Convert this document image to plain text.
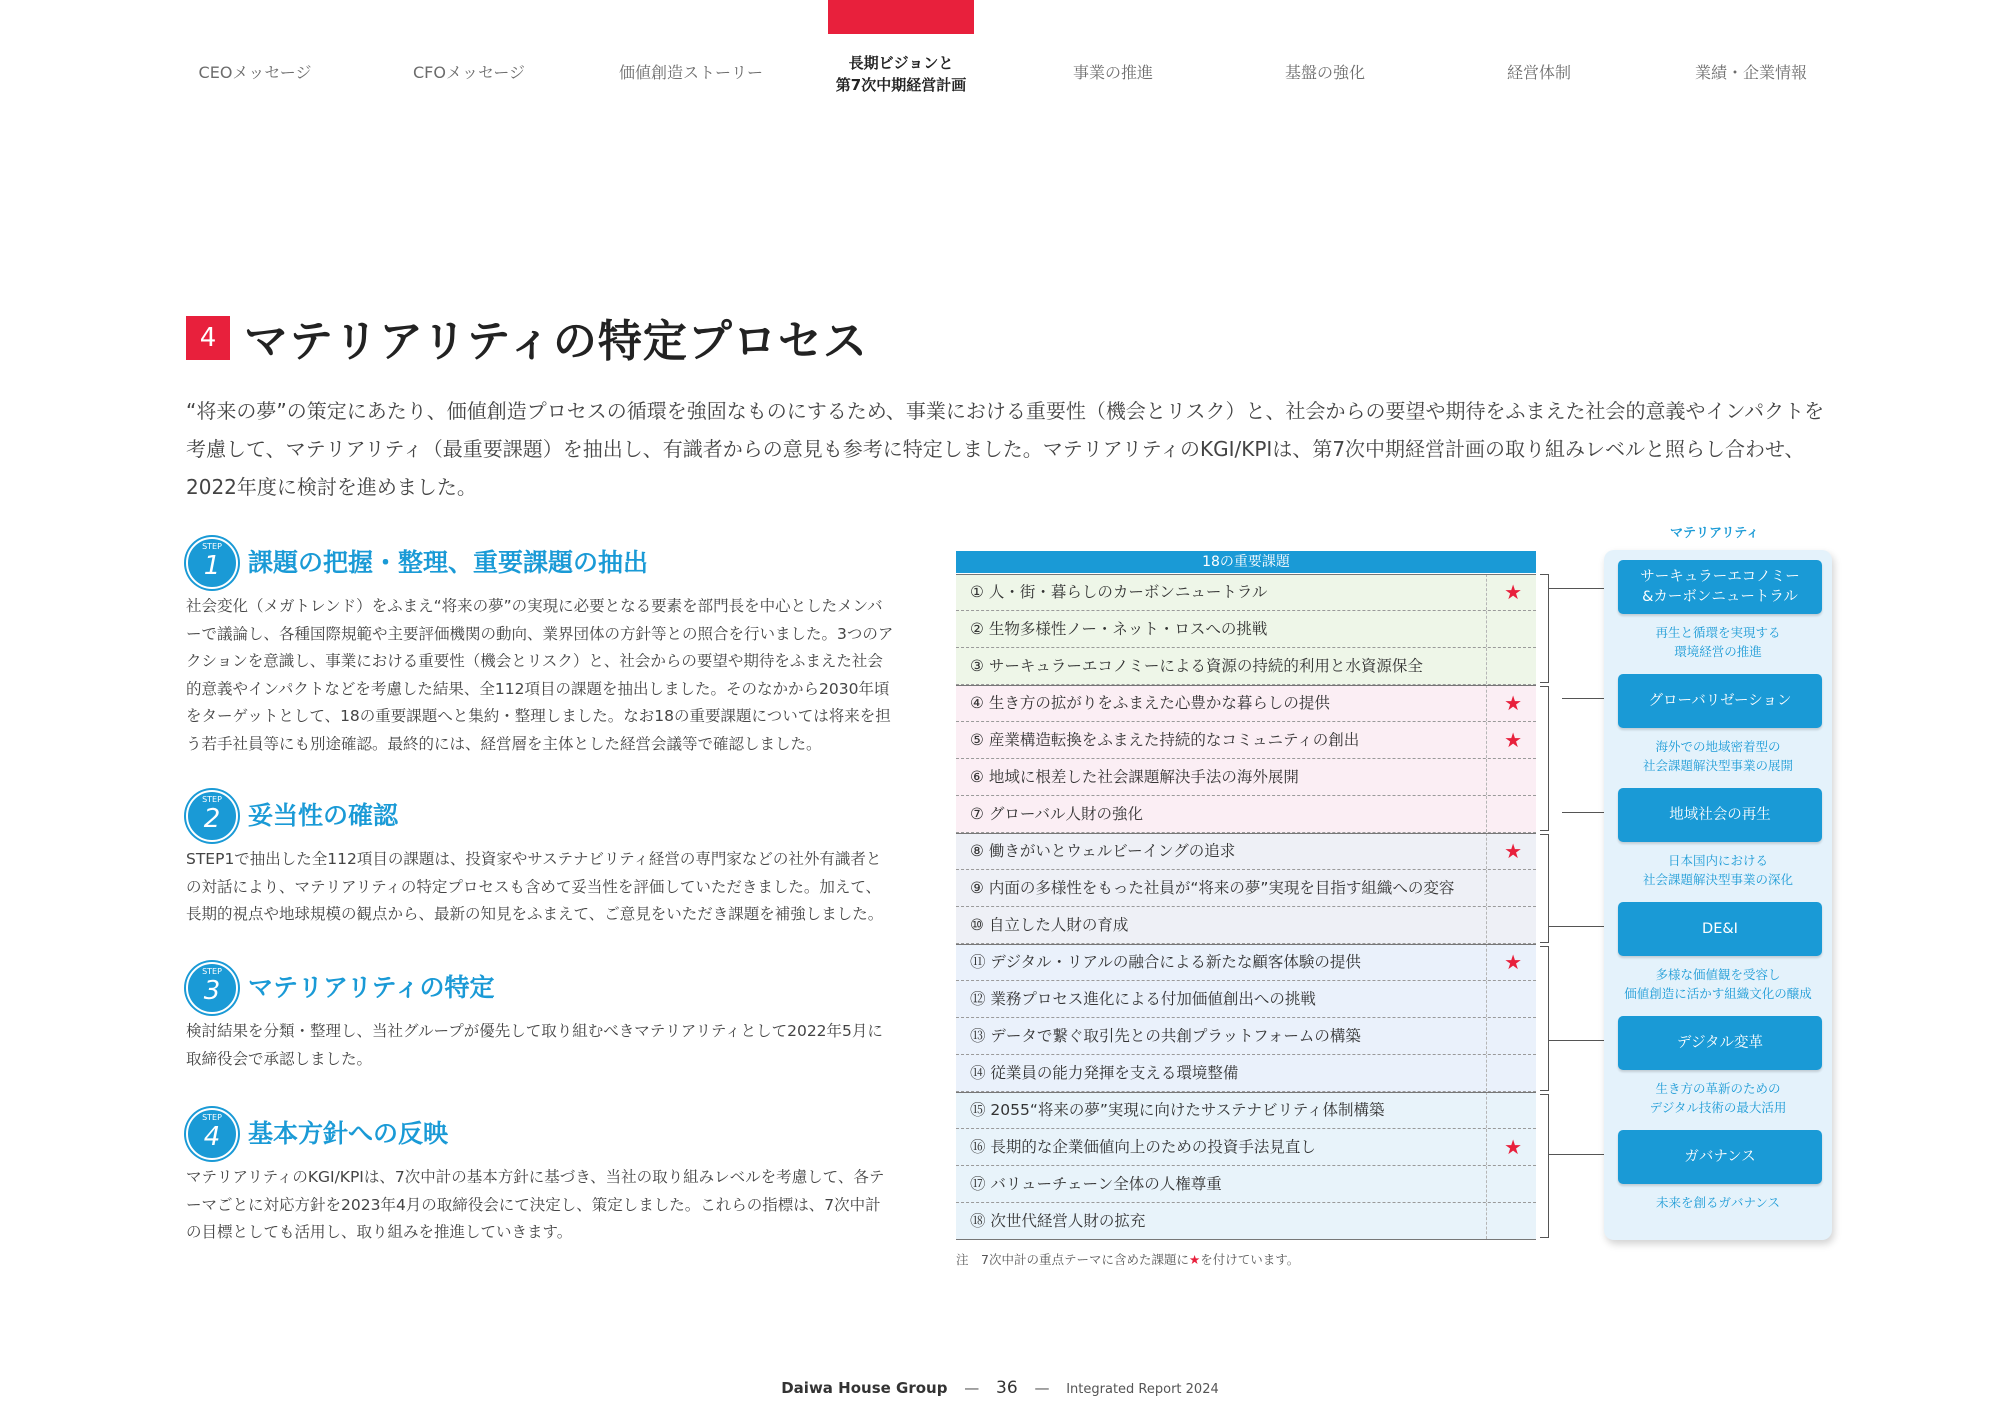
CEOメッセージ	CFOメッセージ	価値創造ストーリー	長期ビジョンと
第7次中期経営計画
事業の推進	基盤の強化	経営体制	業績・企業情報
4 マテリアリティの特定プロセス
“将来の夢”の策定にあたり、価値創造プロセスの循環を強固なものにするため、事業における重要性（機会とリスク）と、社会からの要望や期待をふまえた社会的意義やインパクトを考慮して、マテリアリティ（最重要課題）を抽出し、有識者からの意見も参考に特定しました。マテリアリティのKGI/KPIは、第7次中期経営計画の取り組みレベルと照らし合わせ、2022年度に検討を進めました。
STEP
1	課題の把握・整理、重要課題の抽出
社会変化（メガトレンド）をふまえ“将来の夢”の実現に必要となる要素を部門長を中心としたメンバーで議論し、各種国際規範や主要評価機関の動向、業界団体の方針等との照合を行いました。3つのアクションを意識し、事業における重要性（機会とリスク）と、社会からの要望や期待をふまえた社会的意義やインパクトなどを考慮した結果、全112項目の課題を抽出しました。そのなかから2030年頃をターゲットとして、18の重要課題へと集約・整理しました。なお18の重要課題については将来を担う若手社員等にも別途確認。最終的には、経営層を主体とした経営会議等で確認しました。
STEP
2	妥当性の確認
STEP1で抽出した全112項目の課題は、投資家やサステナビリティ経営の専門家などの社外有識者との対話により、マテリアリティの特定プロセスも含めて妥当性を評価していただきました。加えて、長期的視点や地球規模の観点から、最新の知見をふまえて、ご意見をいただき課題を補強しました。
STEP
3	マテリアリティの特定
検討結果を分類・整理し、当社グループが優先して取り組むべきマテリアリティとして2022年5月に取締役会で承認しました。
STEP
4	基本方針への反映
マテリアリティのKGI/KPIは、7次中計の基本方針に基づき、当社の取り組みレベルを考慮して、各テーマごとに対応方針を2023年4月の取締役会にて決定し、策定しました。これらの指標は、7次中計の目標としても活用し、取り組みを推進していきます。
18の重要課題
① 人・街・暮らしのカーボンニュートラル	★
② 生物多様性ノー・ネット・ロスへの挑戦
③ サーキュラーエコノミーによる資源の持続的利用と水資源保全
④ 生き方の拡がりをふまえた心豊かな暮らしの提供	★
⑤ 産業構造転換をふまえた持続的なコミュニティの創出	★
⑥ 地域に根差した社会課題解決手法の海外展開
⑦ グローバル人財の強化
⑧ 働きがいとウェルビーイングの追求	★
⑨ 内面の多様性をもった社員が“将来の夢”実現を目指す組織への変容
⑩ 自立した人財の育成
⑪ デジタル・リアルの融合による新たな顧客体験の提供	★
⑫ 業務プロセス進化による付加価値創出への挑戦
⑬ データで繋ぐ取引先との共創プラットフォームの構築
⑭ 従業員の能力発揮を支える環境整備
⑮ 2055“将来の夢”実現に向けたサステナビリティ体制構築
⑯ 長期的な企業価値向上のための投資手法見直し	★
⑰ バリューチェーン全体の人権尊重
⑱ 次世代経営人財の拡充
注　7次中計の重点テーマに含めた課題に★を付けています。
マテリアリティ
サーキュラーエコノミー
&カーボンニュートラル
再生と循環を実現する
環境経営の推進
グローバリゼーション
海外での地域密着型の
社会課題解決型事業の展開
地域社会の再生
日本国内における
社会課題解決型事業の深化
DE&I
多様な価値観を受容し
価値創造に活かす組織文化の醸成
デジタル変革
生き方の革新のための
デジタル技術の最大活用
ガバナンス
未来を創るガバナンス
Daiwa House Group — 36 — Integrated Report 2024
